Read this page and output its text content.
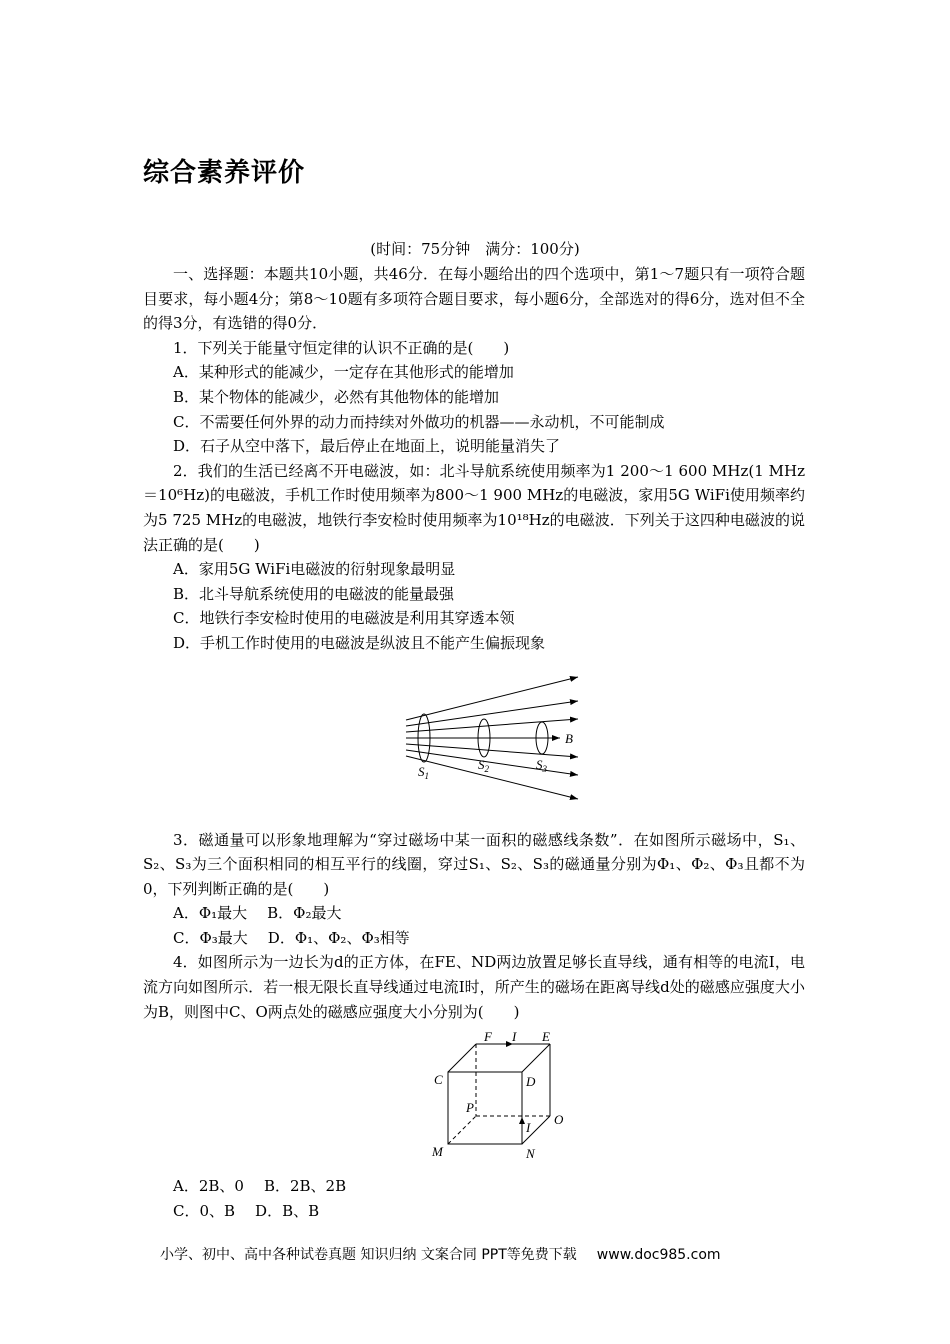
综合素养评价
(时间：75分钟　满分：100分)

一、选择题：本题共10小题，共46分．在每小题给出的四个选项中，第1～7题只有一项符合题目要求，每小题4分；第8～10题有多项符合题目要求，每小题6分，全部选对的得6分，选对但不全的得3分，有选错的得0分．

1．下列关于能量守恒定律的认识不正确的是(　　)

A．某种形式的能减少，一定存在其他形式的能增加

B．某个物体的能减少，必然有其他物体的能增加

C．不需要任何外界的动力而持续对外做功的机器——永动机，不可能制成

D．石子从空中落下，最后停止在地面上，说明能量消失了

2．我们的生活已经离不开电磁波，如：北斗导航系统使用频率为1 200～1 600 MHz(1 MHz＝10⁶Hz)的电磁波，手机工作时使用频率为800～1 900 MHz的电磁波，家用5G WiFi使用频率约为5 725 MHz的电磁波，地铁行李安检时使用频率为10¹⁸Hz的电磁波．下列关于这四种电磁波的说法正确的是(　　)

A．家用5G WiFi电磁波的衍射现象最明显

B．北斗导航系统使用的电磁波的能量最强

C．地铁行李安检时使用的电磁波是利用其穿透本领

D．手机工作时使用的电磁波是纵波且不能产生偏振现象

B
$S_1$
$S_2$	$S_3$

3．磁通量可以形象地理解为“穿过磁场中某一面积的磁感线条数”．在如图所示磁场中，S₁、S₂、S₃为三个面积相同的相互平行的线圈，穿过S₁、S₂、S₃的磁通量分别为Φ₁、Φ₂、Φ₃且都不为0，下列判断正确的是(　　)

A．Φ₁最大 B．Φ₂最大

C．Φ₃最大 D．Φ₁、Φ₂、Φ₃相等

4．如图所示为一边长为d的正方体，在FE、ND两边放置足够长直导线，通有相等的电流I，电流方向如图所示．若一根无限长直导线通过电流I时，所产生的磁场在距离导线d处的磁感应强度大小为B，则图中C、O两点处的磁感应强度大小分别为(　　)

F I E
C	D
P
O
I
M	N

A．2B、0 B．2B、2B

C．0、B D．B、B

小学、初中、高中各种试卷真题 知识归纳 文案合同 PPT等免费下载 www.doc985.com
